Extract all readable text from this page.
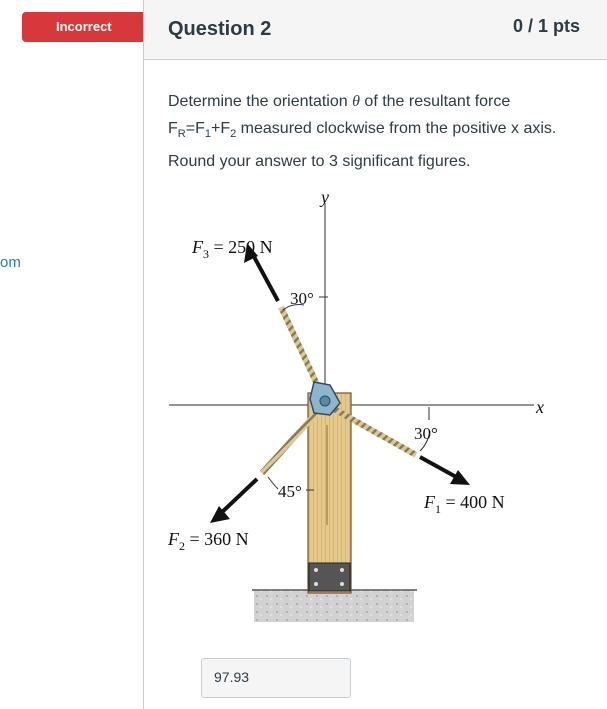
om
Incorrect	Question 2	0 / 1 pts
Determine the orientation θ of the resultant force $F_R=F_1+F_2$ measured clockwise from the positive x axis. Round your answer to 3 significant figures.
y
x
$F_3 = 250$ N
$F_2 = 360$ N
$F_1 = 400$ N
30°
30°
45°
97.93
